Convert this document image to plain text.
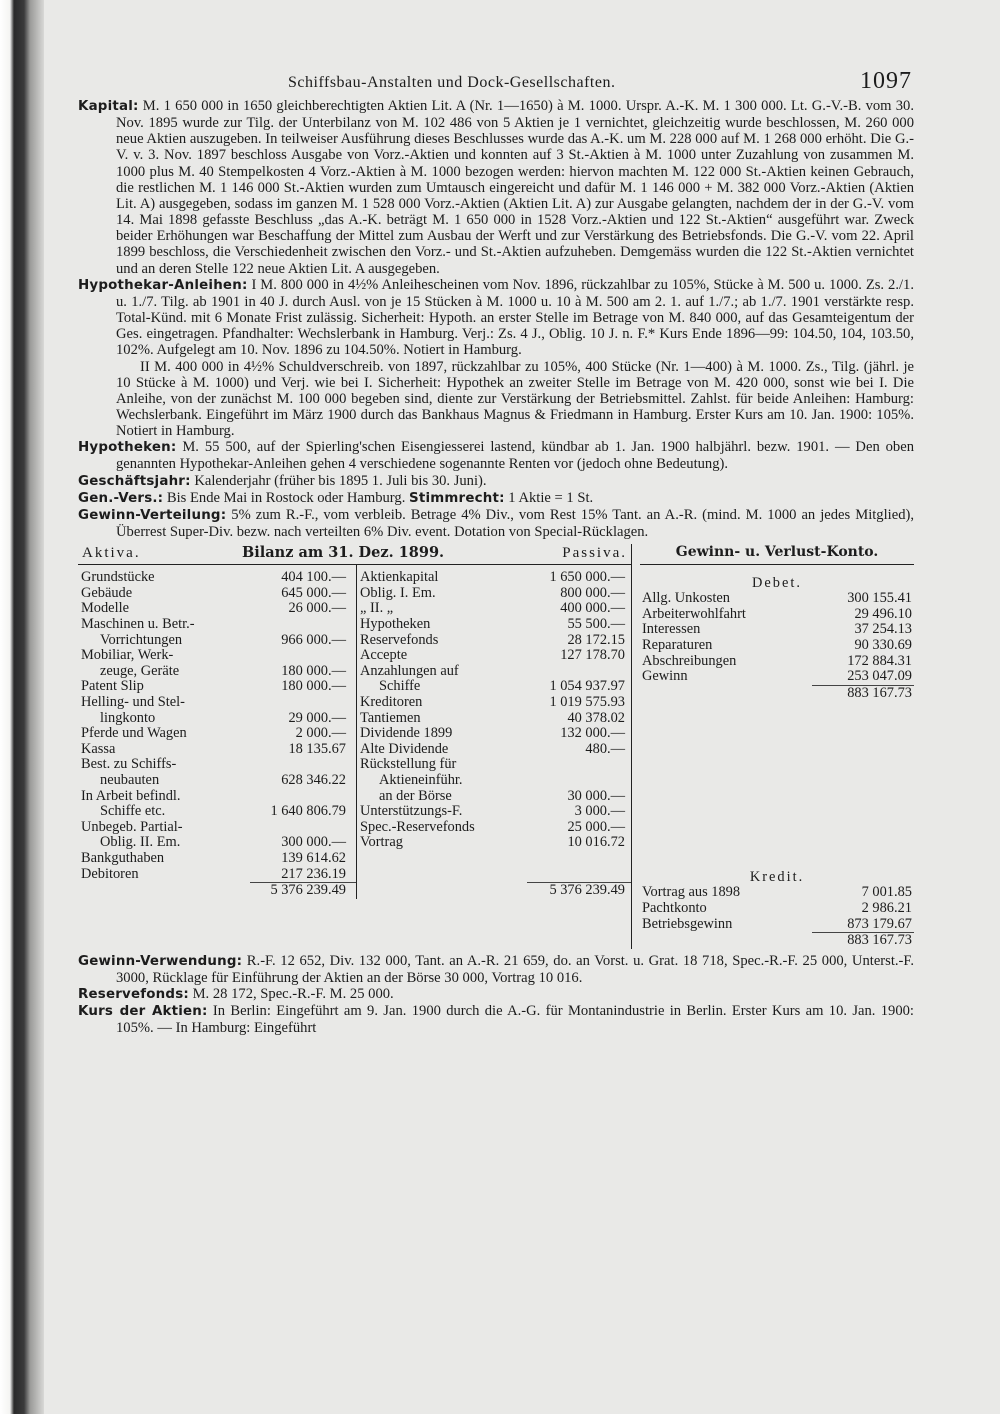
Schiffsbau-Anstalten und Dock-Gesellschaften.	1097

Kapital: M. 1 650 000 in 1650 gleichberechtigten Aktien Lit. A (Nr. 1—1650) à M. 1000. Urspr. A.-K. M. 1 300 000. Lt. G.-V.-B. vom 30. Nov. 1895 wurde zur Tilg. der Unterbilanz von M. 102 486 von 5 Aktien je 1 vernichtet, gleichzeitig wurde beschlossen, M. 260 000 neue Aktien auszugeben. In teilweiser Ausführung dieses Beschlusses wurde das A.-K. um M. 228 000 auf M. 1 268 000 erhöht. Die G.-V. v. 3. Nov. 1897 beschloss Ausgabe von Vorz.-Aktien und konnten auf 3 St.-Aktien à M. 1000 unter Zuzahlung von zusammen M. 1000 plus M. 40 Stempelkosten 4 Vorz.-Aktien à M. 1000 bezogen werden: hiervon machten M. 122 000 St.-Aktien keinen Gebrauch, die restlichen M. 1 146 000 St.-Aktien wurden zum Umtausch eingereicht und dafür M. 1 146 000 + M. 382 000 Vorz.-Aktien (Aktien Lit. A) ausgegeben, sodass im ganzen M. 1 528 000 Vorz.-Aktien (Aktien Lit. A) zur Ausgabe gelangten, nachdem der in der G.-V. vom 14. Mai 1898 gefasste Beschluss „das A.-K. beträgt M. 1 650 000 in 1528 Vorz.-Aktien und 122 St.-Aktien“ ausgeführt war. Zweck beider Erhöhungen war Beschaffung der Mittel zum Ausbau der Werft und zur Verstärkung des Betriebsfonds. Die G.-V. vom 22. April 1899 beschloss, die Verschiedenheit zwischen den Vorz.- und St.-Aktien aufzuheben. Demgemäss wurden die 122 St.-Aktien vernichtet und an deren Stelle 122 neue Aktien Lit. A ausgegeben.

Hypothekar-Anleihen: I M. 800 000 in 4½% Anleihescheinen vom Nov. 1896, rückzahlbar zu 105%, Stücke à M. 500 u. 1000. Zs. 2./1. u. 1./7. Tilg. ab 1901 in 40 J. durch Ausl. von je 15 Stücken à M. 1000 u. 10 à M. 500 am 2. 1. auf 1./7.; ab 1./7. 1901 verstärkte resp. Total-Künd. mit 6 Monate Frist zulässig. Sicherheit: Hypoth. an erster Stelle im Betrage von M. 840 000, auf das Gesamteigentum der Ges. eingetragen. Pfandhalter: Wechslerbank in Hamburg. Verj.: Zs. 4 J., Oblig. 10 J. n. F.* Kurs Ende 1896—99: 104.50, 104, 103.50, 102%. Aufgelegt am 10. Nov. 1896 zu 104.50%. Notiert in Hamburg.

II M. 400 000 in 4½% Schuldverschreib. von 1897, rückzahlbar zu 105%, 400 Stücke (Nr. 1—400) à M. 1000. Zs., Tilg. (jährl. je 10 Stücke à M. 1000) und Verj. wie bei I. Sicherheit: Hypothek an zweiter Stelle im Betrage von M. 420 000, sonst wie bei I. Die Anleihe, von der zunächst M. 100 000 begeben sind, diente zur Verstärkung der Betriebsmittel. Zahlst. für beide Anleihen: Hamburg: Wechslerbank. Eingeführt im März 1900 durch das Bankhaus Magnus & Friedmann in Hamburg. Erster Kurs am 10. Jan. 1900: 105%. Notiert in Hamburg.

Hypotheken: M. 55 500, auf der Spierling'schen Eisengiesserei lastend, kündbar ab 1. Jan. 1900 halbjährl. bezw. 1901. — Den oben genannten Hypothekar-Anleihen gehen 4 verschiedene sogenannte Renten vor (jedoch ohne Bedeutung).

Geschäftsjahr: Kalenderjahr (früher bis 1895 1. Juli bis 30. Juni).

Gen.-Vers.: Bis Ende Mai in Rostock oder Hamburg. Stimmrecht: 1 Aktie = 1 St.

Gewinn-Verteilung: 5% zum R.-F., vom verbleib. Betrage 4% Div., vom Rest 15% Tant. an A.-R. (mind. M. 1000 an jedes Mitglied), Überrest Super-Div. bezw. nach verteilten 6% Div. event. Dotation von Special-Rücklagen.

Aktiva.	Bilanz am 31. Dez. 1899.	Passiva.
Grundstücke	404 100.—
Gebäude	645 000.—
Modelle	26 000.—
Maschinen u. Betr.-
Vorrichtungen	966 000.—
Mobiliar, Werk-
zeuge, Geräte	180 000.—
Patent Slip	180 000.—
Helling- und Stel-
lingkonto	29 000.—
Pferde und Wagen	2 000.—
Kassa	18 135.67
Best. zu Schiffs-
neubauten	628 346.22
In Arbeit befindl.
Schiffe etc.	1 640 806.79
Unbegeb. Partial-
Oblig. II. Em.	300 000.—
Bankguthaben	139 614.62
Debitoren	217 236.19
5 376 239.49
Aktienkapital	1 650 000.—
Oblig. I. Em.	800 000.—
„ II. „	400 000.—
Hypotheken	55 500.—
Reservefonds	28 172.15
Accepte	127 178.70
Anzahlungen auf
Schiffe	1 054 937.97
Kreditoren	1 019 575.93
Tantiemen	40 378.02
Dividende 1899	132 000.—
Alte Dividende	480.—
Rückstellung für
Aktieneinführ.
an der Börse	30 000.—
Unterstützungs-F.	3 000.—
Spec.-Reservefonds	25 000.—
Vortrag	10 016.72

5 376 239.49
Gewinn- u. Verlust-Konto.
Debet.
Allg. Unkosten	300 155.41
Arbeiterwohlfahrt	29 496.10
Interessen	37 254.13
Reparaturen	90 330.69
Abschreibungen	172 884.31
Gewinn	253 047.09
883 167.73
Kredit.
Vortrag aus 1898	7 001.85
Pachtkonto	2 986.21
Betriebsgewinn	873 179.67
883 167.73

Gewinn-Verwendung: R.-F. 12 652, Div. 132 000, Tant. an A.-R. 21 659, do. an Vorst. u. Grat. 18 718, Spec.-R.-F. 25 000, Unterst.-F. 3000, Rücklage für Einführung der Aktien an der Börse 30 000, Vortrag 10 016.

Reservefonds: M. 28 172, Spec.-R.-F. M. 25 000.

Kurs der Aktien: In Berlin: Eingeführt am 9. Jan. 1900 durch die A.-G. für Montanindustrie in Berlin. Erster Kurs am 10. Jan. 1900: 105%. — In Hamburg: Eingeführt
